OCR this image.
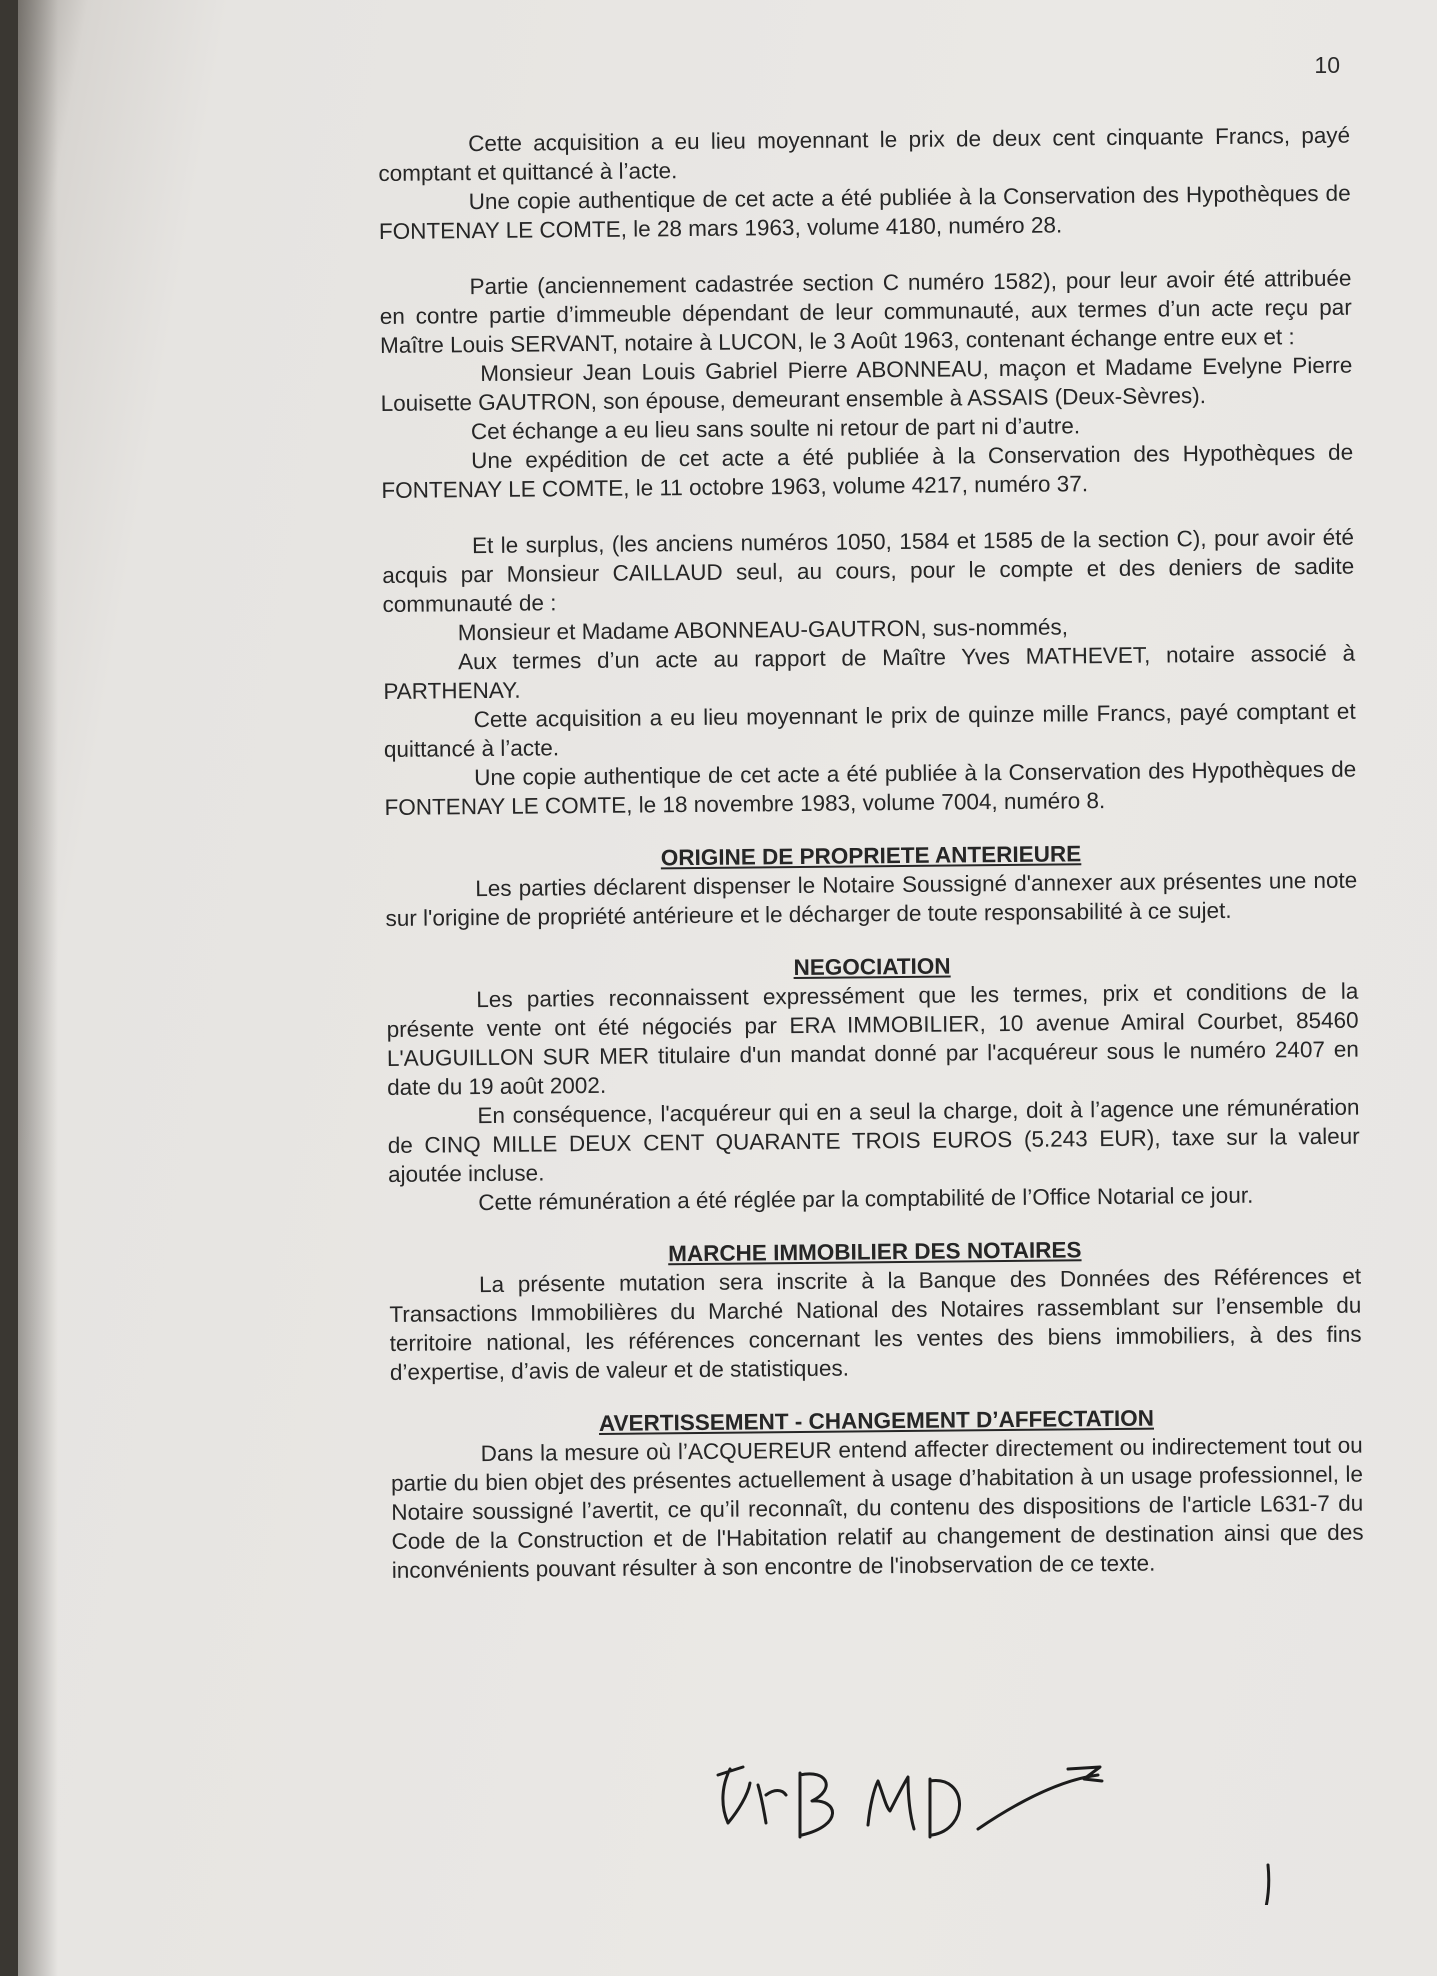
10

Cette acquisition a eu lieu moyennant le prix de deux cent cinquante Francs, payé comptant et quittancé à l’acte.

Une copie authentique de cet acte a été publiée à la Conservation des Hypothèques de FONTENAY LE COMTE, le 28 mars 1963, volume 4180, numéro 28.

Partie (anciennement cadastrée section C numéro 1582), pour leur avoir été attribuée en contre partie d’immeuble dépendant de leur communauté, aux termes d’un acte reçu par Maître Louis SERVANT, notaire à LUCON, le 3 Août 1963, contenant échange entre eux et :

Monsieur Jean Louis Gabriel Pierre ABONNEAU, maçon et Madame Evelyne Pierre Louisette GAUTRON, son épouse, demeurant ensemble à ASSAIS (Deux-Sèvres).

Cet échange a eu lieu sans soulte ni retour de part ni d’autre.

Une expédition de cet acte a été publiée à la Conservation des Hypothèques de FONTENAY LE COMTE, le 11 octobre 1963, volume 4217, numéro 37.

Et le surplus, (les anciens numéros 1050, 1584 et 1585 de la section C), pour avoir été acquis par Monsieur CAILLAUD seul, au cours, pour le compte et des deniers de sadite communauté de :

Monsieur et Madame ABONNEAU-GAUTRON, sus-nommés,

Aux termes d’un acte au rapport de Maître Yves MATHEVET, notaire associé à PARTHENAY.

Cette acquisition a eu lieu moyennant le prix de quinze mille Francs, payé comptant et quittancé à l’acte.

Une copie authentique de cet acte a été publiée à la Conservation des Hypothèques de FONTENAY LE COMTE, le 18 novembre 1983, volume 7004, numéro 8.

ORIGINE DE PROPRIETE ANTERIEURE

Les parties déclarent dispenser le Notaire Soussigné d'annexer aux présentes une note sur l'origine de propriété antérieure et le décharger de toute responsabilité à ce sujet.

NEGOCIATION

Les parties reconnaissent expressément que les termes, prix et conditions de la présente vente ont été négociés par ERA IMMOBILIER, 10 avenue Amiral Courbet, 85460 L'AUGUILLON SUR MER titulaire d'un mandat donné par l'acquéreur sous le numéro 2407 en date du 19 août 2002.

En conséquence, l'acquéreur qui en a seul la charge, doit à l’agence une rémunération de CINQ MILLE DEUX CENT QUARANTE TROIS EUROS (5.243 EUR), taxe sur la valeur ajoutée incluse.

Cette rémunération a été réglée par la comptabilité de l’Office Notarial ce jour.

MARCHE IMMOBILIER DES NOTAIRES

La présente mutation sera inscrite à la Banque des Données des Références et Transactions Immobilières du Marché National des Notaires rassemblant sur l’ensemble du territoire national, les références concernant les ventes des biens immobiliers, à des fins d’expertise, d’avis de valeur et de statistiques.

AVERTISSEMENT - CHANGEMENT D’AFFECTATION

Dans la mesure où l’ACQUEREUR entend affecter directement ou indirectement tout ou partie du bien objet des présentes actuellement à usage d’habitation à un usage professionnel, le Notaire soussigné l’avertit, ce qu’il reconnaît, du contenu des dispositions de l'article L631-7 du Code de la Construction et de l'Habitation relatif au changement de destination ainsi que des inconvénients pouvant résulter à son encontre de l'inobservation de ce texte.
